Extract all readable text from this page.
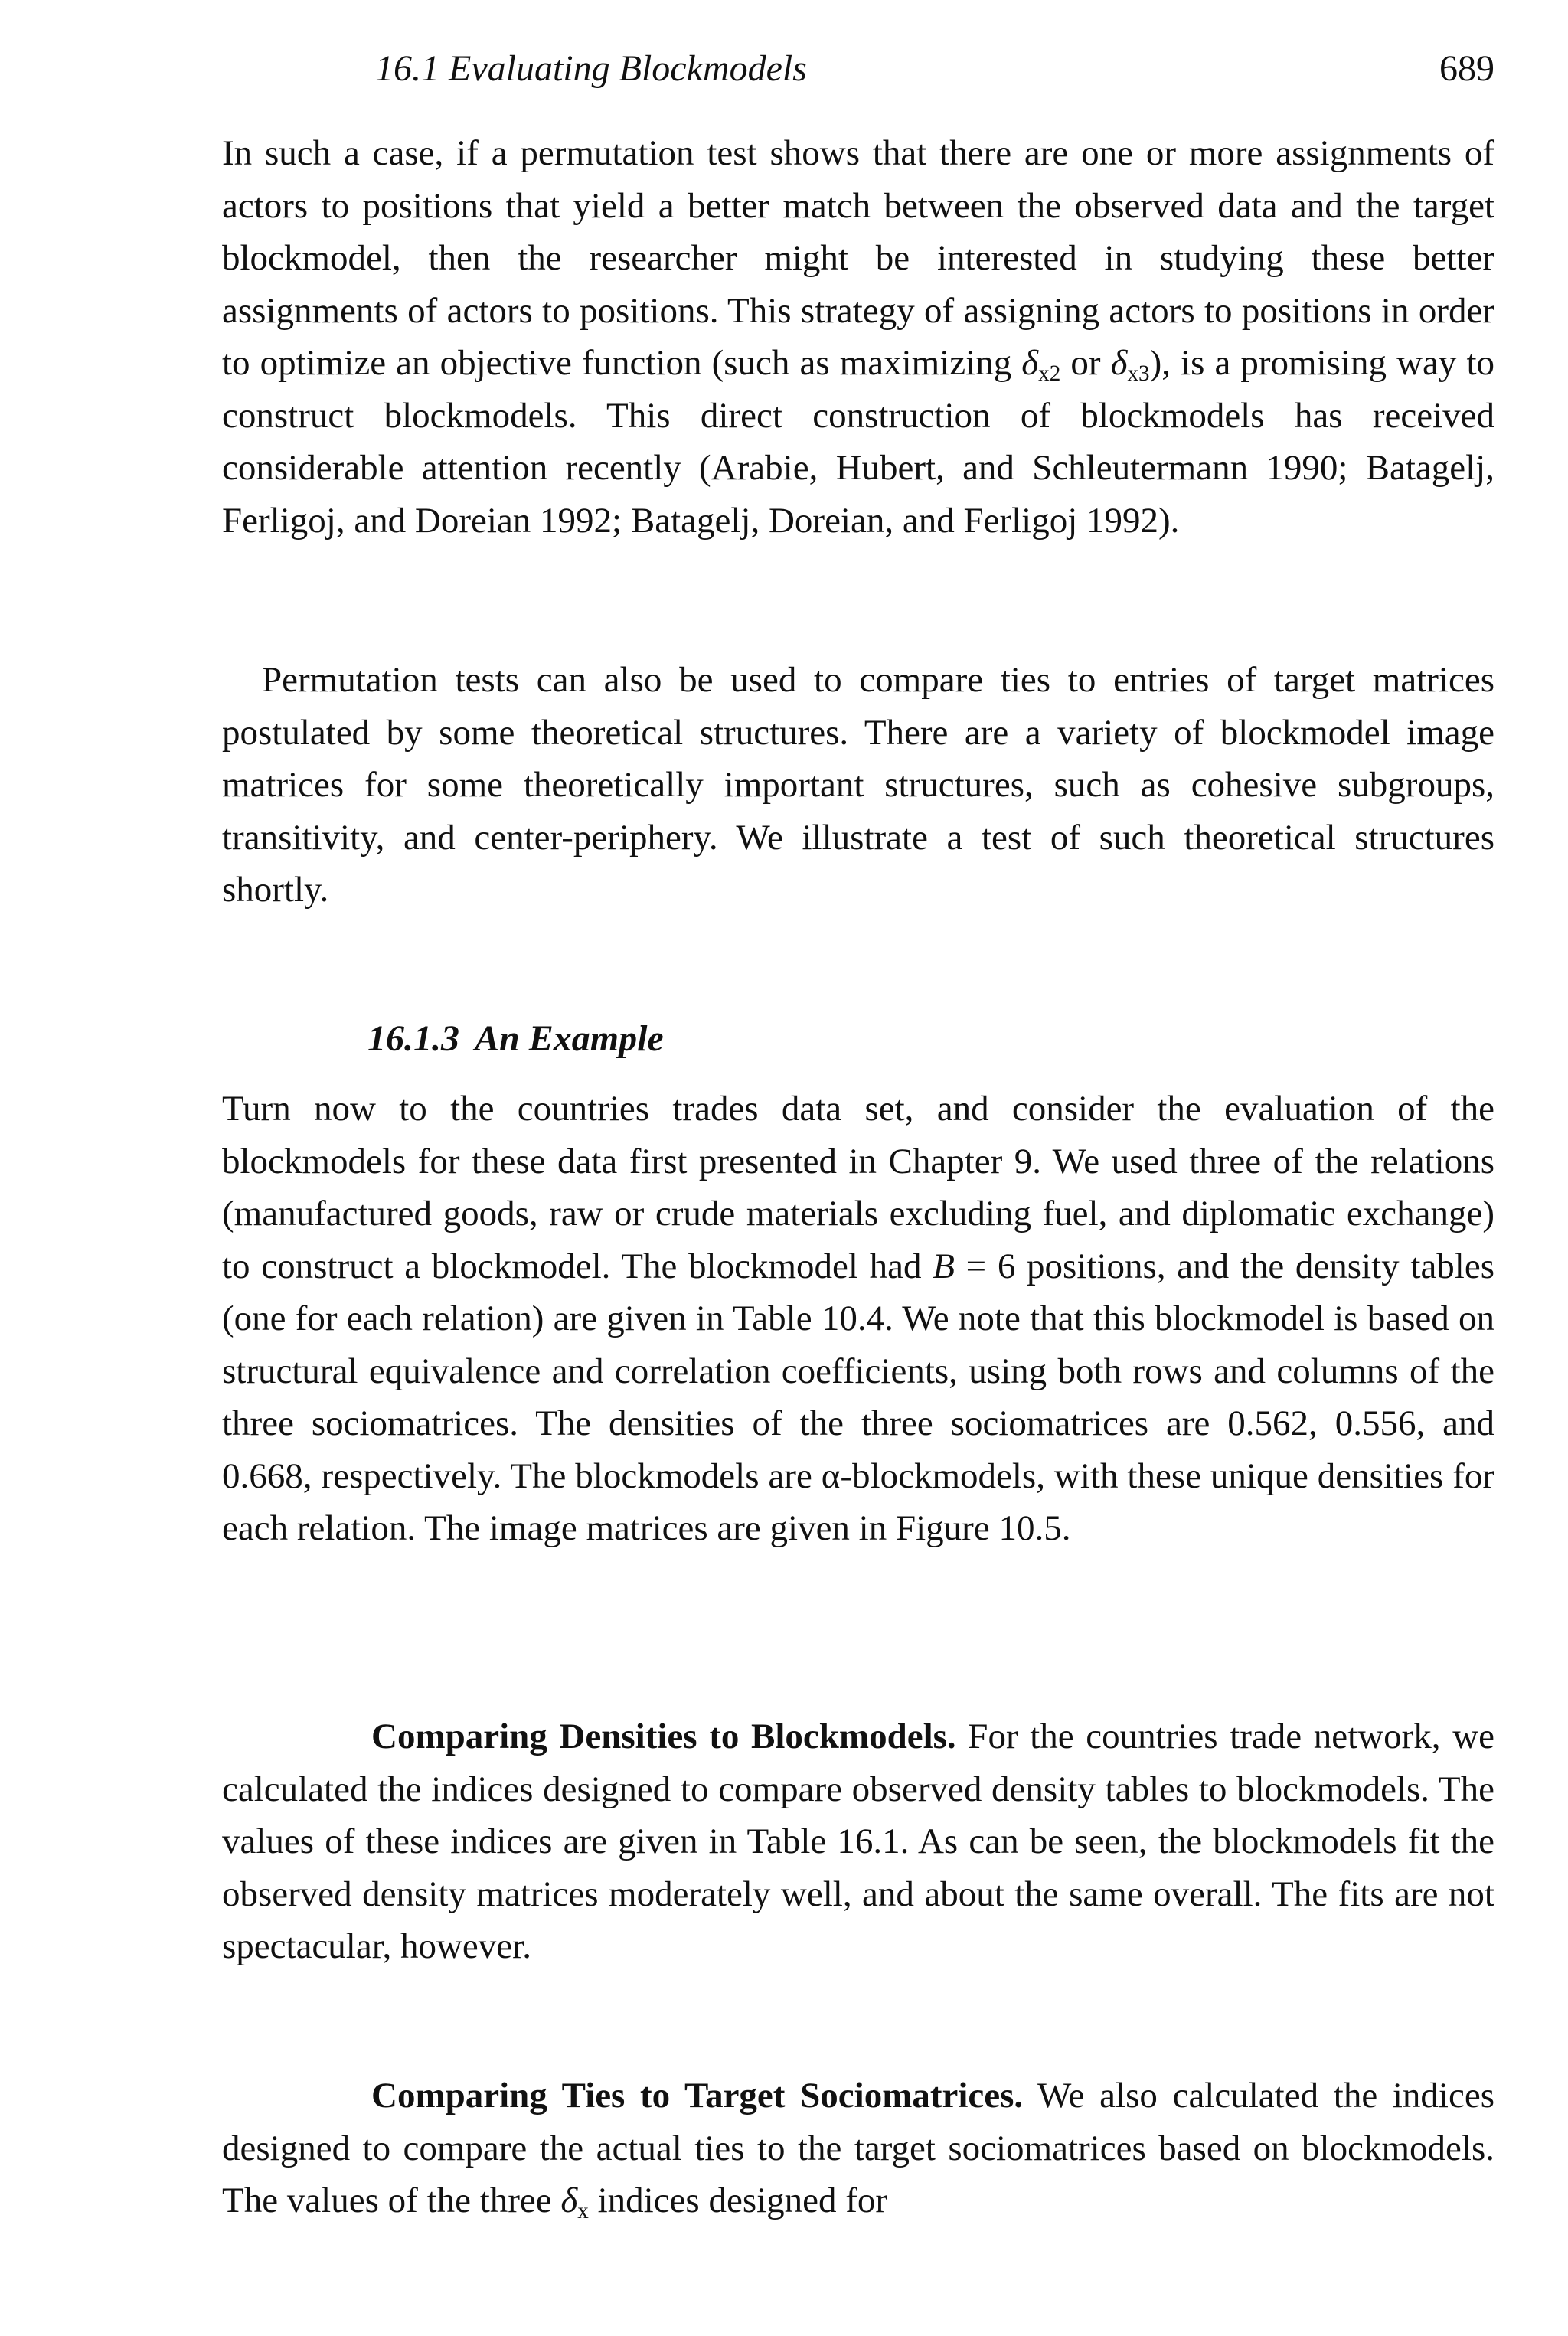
16.1 Evaluating Blockmodels	689

In such a case, if a permutation test shows that there are one or more assignments of actors to positions that yield a better match between the observed data and the target blockmodel, then the researcher might be interested in studying these better assignments of actors to positions. This strategy of assigning actors to positions in order to optimize an objective function (such as maximizing $\delta_{x2}$ or $\delta_{x3}$), is a promising way to construct blockmodels. This direct construction of blockmodels has received considerable attention recently (Arabie, Hubert, and Schleutermann 1990; Batagelj, Ferligoj, and Doreian 1992; Batagelj, Doreian, and Ferligoj 1992).

Permutation tests can also be used to compare ties to entries of target matrices postulated by some theoretical structures. There are a variety of blockmodel image matrices for some theoretically important structures, such as cohesive subgroups, transitivity, and center-periphery. We illustrate a test of such theoretical structures shortly.

16.1.3 An Example

Turn now to the countries trades data set, and consider the evaluation of the blockmodels for these data first presented in Chapter 9. We used three of the relations (manufactured goods, raw or crude materials excluding fuel, and diplomatic exchange) to construct a blockmodel. The blockmodel had B = 6 positions, and the density tables (one for each relation) are given in Table 10.4. We note that this blockmodel is based on structural equivalence and correlation coefficients, using both rows and columns of the three sociomatrices. The densities of the three sociomatrices are 0.562, 0.556, and 0.668, respectively. The blockmodels are α-blockmodels, with these unique densities for each relation. The image matrices are given in Figure 10.5.

Comparing Densities to Blockmodels. For the countries trade network, we calculated the indices designed to compare observed density tables to blockmodels. The values of these indices are given in Table 16.1. As can be seen, the blockmodels fit the observed density matrices moderately well, and about the same overall. The fits are not spectacular, however.

Comparing Ties to Target Sociomatrices. We also calculated the indices designed to compare the actual ties to the target sociomatrices based on blockmodels. The values of the three $\delta_x$ indices designed for
